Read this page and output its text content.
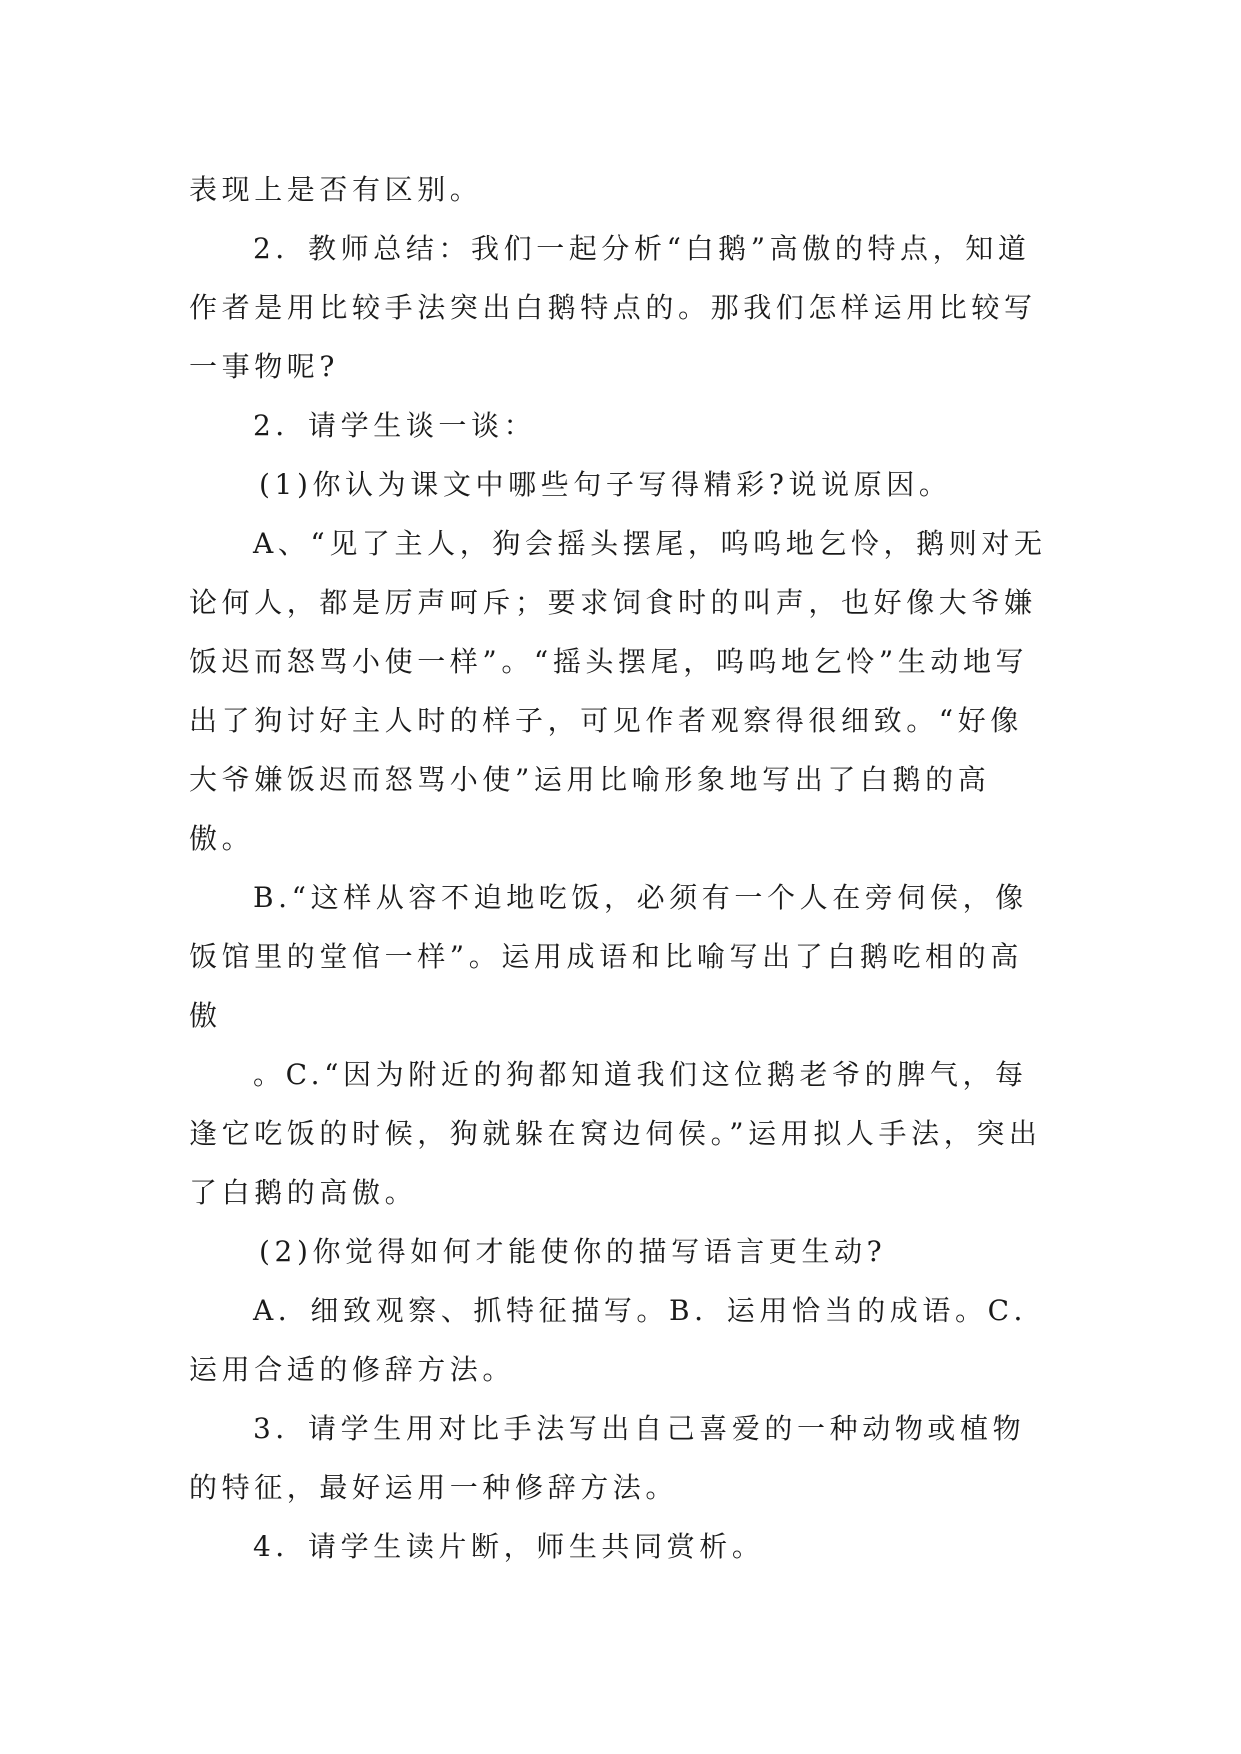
表现上是否有区别。

2．教师总结：我们一起分析“白鹅”高傲的特点，知道作者是用比较手法突出白鹅特点的。那我们怎样运用比较写一事物呢?

2．请学生谈一谈：

(1)你认为课文中哪些句子写得精彩?说说原因。

A、“见了主人，狗会摇头摆尾，呜呜地乞怜，鹅则对无论何人，都是厉声呵斥；要求饲食时的叫声，也好像大爷嫌饭迟而怒骂小使一样”。“摇头摆尾，呜呜地乞怜”生动地写出了狗讨好主人时的样子，可见作者观察得很细致。“好像大爷嫌饭迟而怒骂小使”运用比喻形象地写出了白鹅的高傲。

B.“这样从容不迫地吃饭，必须有一个人在旁伺侯，像饭馆里的堂倌一样”。运用成语和比喻写出了白鹅吃相的高傲

。C.“因为附近的狗都知道我们这位鹅老爷的脾气，每逢它吃饭的时候，狗就躲在窝边伺侯。”运用拟人手法，突出了白鹅的高傲。

(2)你觉得如何才能使你的描写语言更生动?

A．细致观察、抓特征描写。B．运用恰当的成语。C．运用合适的修辞方法。

3．请学生用对比手法写出自己喜爱的一种动物或植物的特征，最好运用一种修辞方法。

4．请学生读片断，师生共同赏析。
